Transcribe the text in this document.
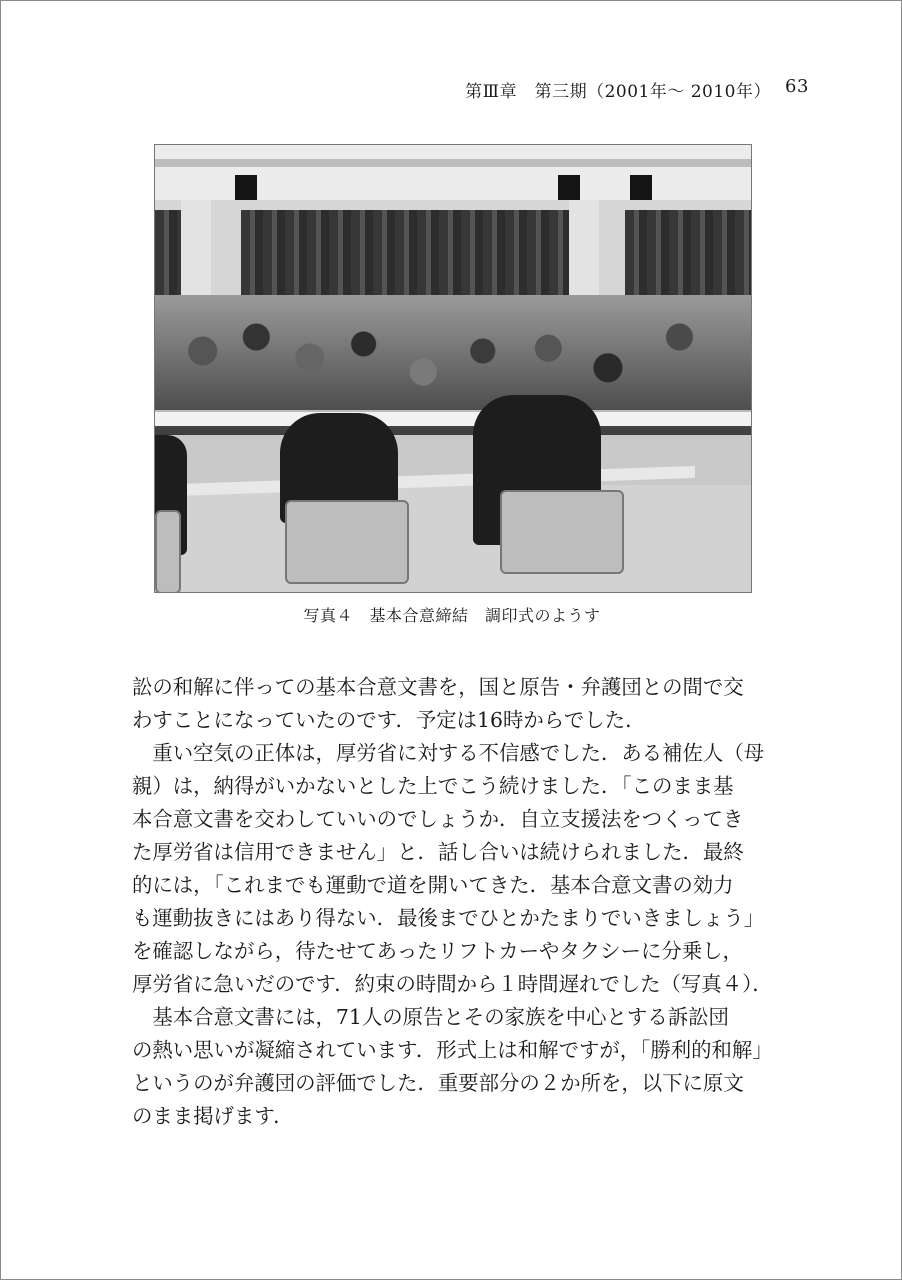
第Ⅲ章　第三期（2001年～ 2010年） 63
写真４　基本合意締結　調印式のようす
訟の和解に伴っての基本合意文書を，国と原告・弁護団との間で交
わすことになっていたのです．予定は16時からでした．
　重い空気の正体は，厚労省に対する不信感でした．ある補佐人（母
親）は，納得がいかないとした上でこう続けました．「このまま基
本合意文書を交わしていいのでしょうか．自立支援法をつくってき
た厚労省は信用できません」と．話し合いは続けられました．最終
的には，「これまでも運動で道を開いてきた．基本合意文書の効力
も運動抜きにはあり得ない．最後までひとかたまりでいきましょう」
を確認しながら，待たせてあったリフトカーやタクシーに分乗し，
厚労省に急いだのです．約束の時間から１時間遅れでした（写真４）．
　基本合意文書には，71人の原告とその家族を中心とする訴訟団
の熱い思いが凝縮されています．形式上は和解ですが，「勝利的和解」
というのが弁護団の評価でした．重要部分の２か所を，以下に原文
のまま掲げます．
